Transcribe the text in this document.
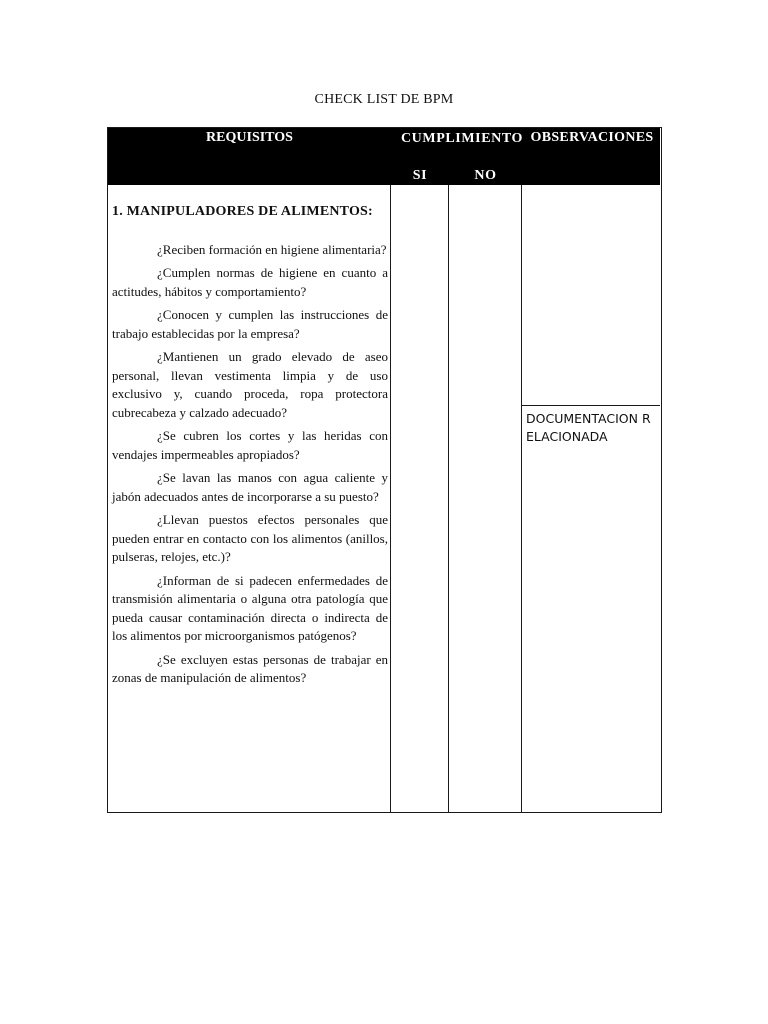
CHECK LIST DE BPM
REQUISITOS	CUMPLIMIENTO
SI	NO
OBSERVACIONES

1. MANIPULADORES DE ALIMENTOS:

¿Reciben formación en higiene alimentaria?

¿Cumplen normas de higiene en cuanto a actitudes, hábitos y comportamiento?

¿Conocen y cumplen las instrucciones de trabajo establecidas por la empresa?

¿Mantienen un grado elevado de aseo personal, llevan vestimenta limpia y de uso exclusivo y, cuando proceda, ropa protectora cubrecabeza y calzado adecuado?

¿Se cubren los cortes y las heridas con vendajes impermeables apropiados?

¿Se lavan las manos con agua caliente y jabón adecuados antes de incorporarse a su puesto?

¿Llevan puestos efectos personales que pueden entrar en contacto con los alimentos (anillos, pulseras, relojes, etc.)?

¿Informan de si padecen enfermedades de transmisión alimentaria o alguna otra patología que pueda causar contaminación directa o indirecta de los alimentos por microorganismos patógenos?

¿Se excluyen estas personas de trabajar en zonas de manipulación de alimentos?

DOCUMENTACION RELACIONADA
